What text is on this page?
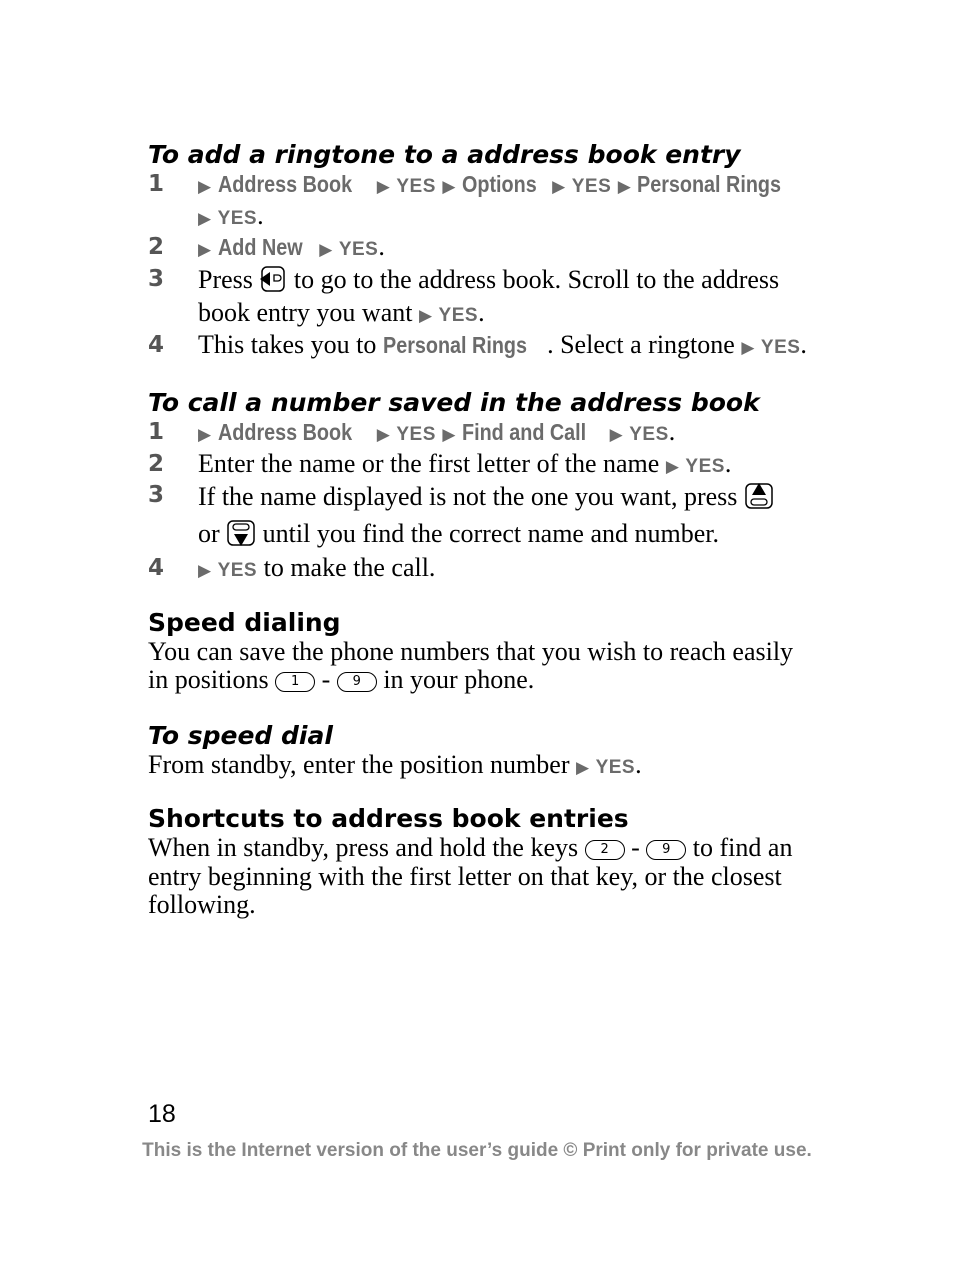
To add a ringtone to a address book entry
1	▶ Address Book ▶ YES ▶ Options ▶ YES ▶ Personal Rings
▶ YES.
2	▶ Add New ▶ YES.
3	Press to go to the address book. Scroll to the address book entry you want ▶ YES.
4	This takes you to Personal Rings . Select a ringtone ▶ YES.
To call a number saved in the address book
1	▶ Address Book ▶ YES ▶ Find and Call ▶ YES.
2	Enter the name or the first letter of the name ▶ YES.
3	If the name displayed is not the one you want, press
or until you find the correct name and number.
4	▶ YES to make the call.
Speed dialing

You can save the phone numbers that you wish to reach easily in positions 1 - 9 in your phone.

To speed dial

From standby, enter the position number ▶ YES.

Shortcuts to address book entries

When in standby, press and hold the keys 2 - 9 to find an entry beginning with the first letter on that key, or the closest following.

18
This is the Internet version of the user’s guide © Print only for private use.
